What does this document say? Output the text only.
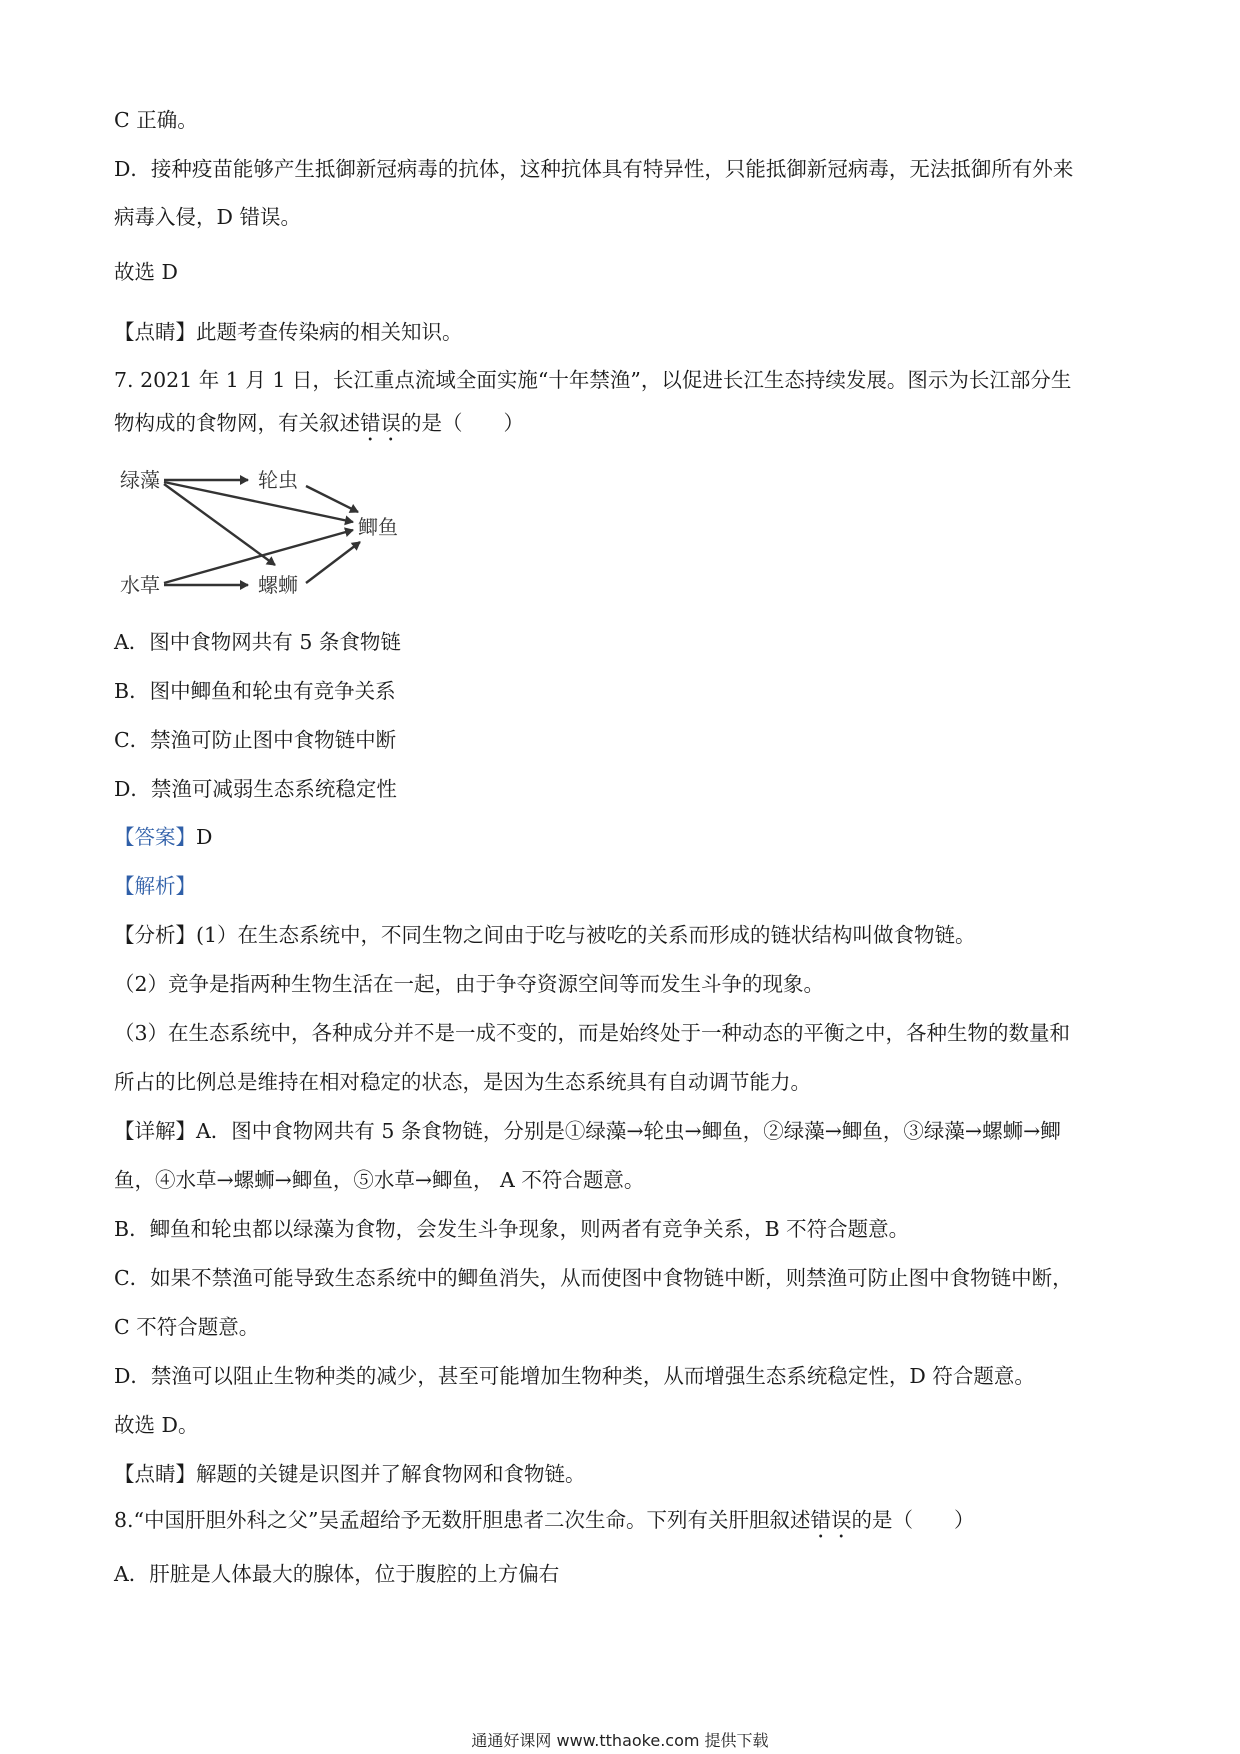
C 正确。
D．接种疫苗能够产生抵御新冠病毒的抗体，这种抗体具有特异性，只能抵御新冠病毒，无法抵御所有外来
病毒入侵，D 错误。
故选 D
【点睛】此题考查传染病的相关知识。
7. 2021 年 1 月 1 日，长江重点流域全面实施“十年禁渔”，以促进长江生态持续发展。图示为长江部分生
物构成的食物网，有关叙述错误的是（　　）
绿藻	轮虫
鲫鱼
水草	螺蛳
A．图中食物网共有 5 条食物链
B．图中鲫鱼和轮虫有竞争关系
C．禁渔可防止图中食物链中断
D．禁渔可减弱生态系统稳定性
【答案】D
【解析】
【分析】(1）在生态系统中，不同生物之间由于吃与被吃的关系而形成的链状结构叫做食物链。
（2）竞争是指两种生物生活在一起，由于争夺资源空间等而发生斗争的现象。
（3）在生态系统中，各种成分并不是一成不变的，而是始终处于一种动态的平衡之中，各种生物的数量和
所占的比例总是维持在相对稳定的状态，是因为生态系统具有自动调节能力。
【详解】A．图中食物网共有 5 条食物链，分别是①绿藻→轮虫→鲫鱼，②绿藻→鲫鱼，③绿藻→螺蛳→鲫
鱼，④水草→螺蛳→鲫鱼，⑤水草→鲫鱼， A 不符合题意。
B．鲫鱼和轮虫都以绿藻为食物，会发生斗争现象，则两者有竞争关系，B 不符合题意。
C．如果不禁渔可能导致生态系统中的鲫鱼消失，从而使图中食物链中断，则禁渔可防止图中食物链中断，
C 不符合题意。
D．禁渔可以阻止生物种类的减少，甚至可能增加生物种类，从而增强生态系统稳定性，D 符合题意。
故选 D。
【点睛】解题的关键是识图并了解食物网和食物链。
8.“中国肝胆外科之父”吴孟超给予无数肝胆患者二次生命。下列有关肝胆叙述错误的是（　　）
A．肝脏是人体最大的腺体，位于腹腔的上方偏右
通通好课网 www.tthaoke.com 提供下载
